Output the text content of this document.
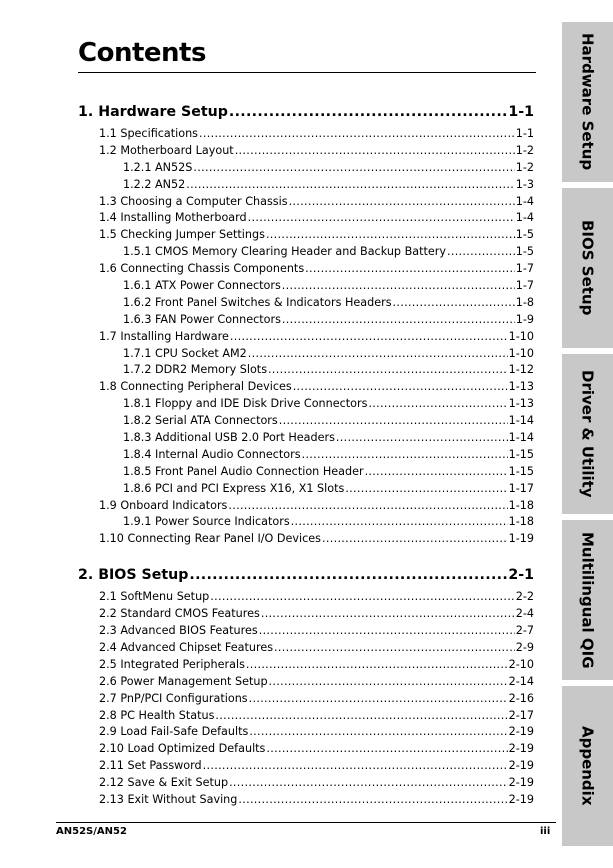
Contents
1. Hardware Setup .....	1-1
1.1 Specifications .....	1-1
1.2 Motherboard Layout .....	1-2
1.2.1 AN52S .....	1-2
1.2.2 AN52 .....	1-3
1.3 Choosing a Computer Chassis .....	1-4
1.4 Installing Motherboard .....	1-4
1.5 Checking Jumper Settings .....	1-5
1.5.1 CMOS Memory Clearing Header and Backup Battery .....	1-5
1.6 Connecting Chassis Components .....	1-7
1.6.1 ATX Power Connectors .....	1-7
1.6.2 Front Panel Switches & Indicators Headers .....	1-8
1.6.3 FAN Power Connectors .....	1-9
1.7 Installing Hardware .....	1-10
1.7.1 CPU Socket AM2 .....	1-10
1.7.2 DDR2 Memory Slots .....	1-12
1.8 Connecting Peripheral Devices .....	1-13
1.8.1 Floppy and IDE Disk Drive Connectors .....	1-13
1.8.2 Serial ATA Connectors .....	1-14
1.8.3 Additional USB 2.0 Port Headers .....	1-14
1.8.4 Internal Audio Connectors .....	1-15
1.8.5 Front Panel Audio Connection Header .....	1-15
1.8.6 PCI and PCI Express X16, X1 Slots .....	1-17
1.9 Onboard Indicators .....	1-18
1.9.1 Power Source Indicators .....	1-18
1.10 Connecting Rear Panel I/O Devices .....	1-19
2. BIOS Setup .....	2-1
2.1 SoftMenu Setup .....	2-2
2.2 Standard CMOS Features .....	2-4
2.3 Advanced BIOS Features .....	2-7
2.4 Advanced Chipset Features .....	2-9
2.5 Integrated Peripherals .....	2-10
2.6 Power Management Setup .....	2-14
2.7 PnP/PCI Configurations .....	2-16
2.8 PC Health Status .....	2-17
2.9 Load Fail-Safe Defaults .....	2-19
2.10 Load Optimized Defaults .....	2-19
2.11 Set Password .....	2-19
2.12 Save & Exit Setup .....	2-19
2.13 Exit Without Saving .....	2-19
AN52S/AN52	iii
Hardware Setup
BIOS Setup
Driver & Utility
Multilingual QIG
Appendix
